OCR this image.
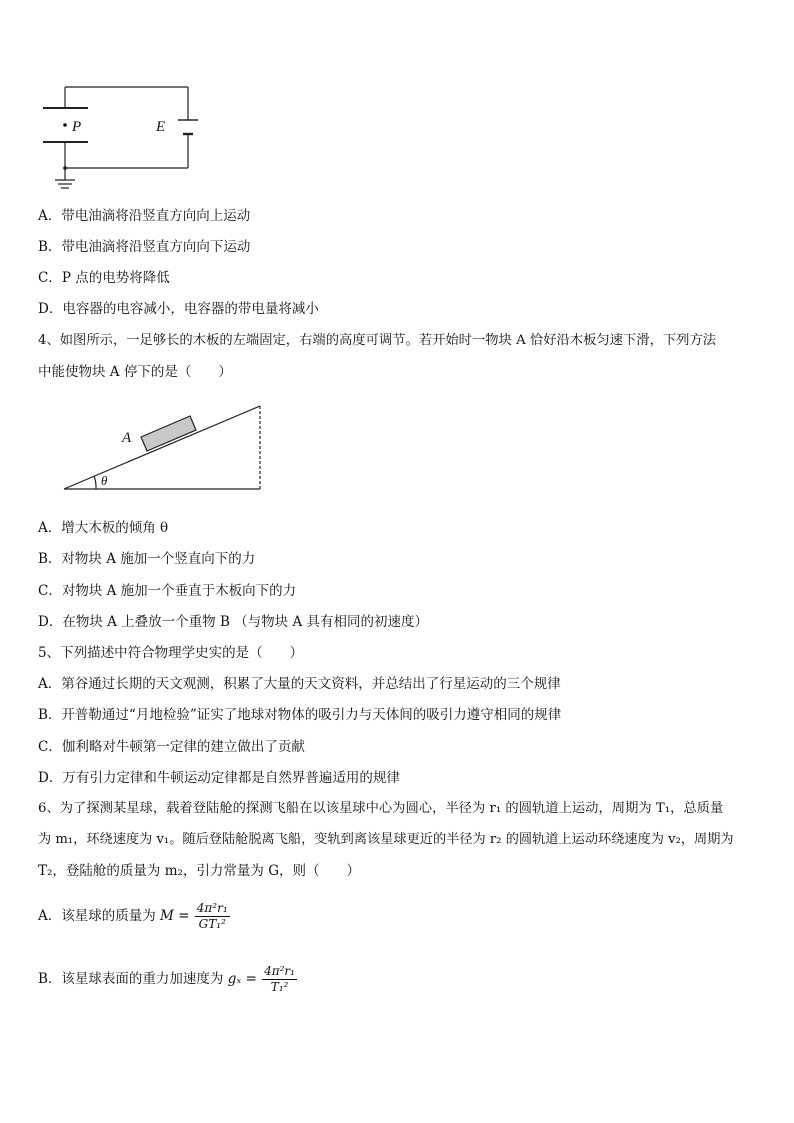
P	E
A．带电油滴将沿竖直方向向上运动
B．带电油滴将沿竖直方向向下运动
C．P 点的电势将降低
D．电容器的电容减小，电容器的带电量将减小
4、如图所示，一足够长的木板的左端固定，右端的高度可调节。若开始时一物块 A 恰好沿木板匀速下滑，下列方法
中能使物块 A 停下的是（　　）
A
θ
A．增大木板的倾角 θ
B．对物块 A 施加一个竖直向下的力
C．对物块 A 施加一个垂直于木板向下的力
D．在物块 A 上叠放一个重物 B （与物块 A 具有相同的初速度）
5、下列描述中符合物理学史实的是（　　）
A．第谷通过长期的天文观测，积累了大量的天文资料，并总结出了行星运动的三个规律
B．开普勒通过“月地检验”证实了地球对物体的吸引力与天体间的吸引力遵守相同的规律
C．伽利略对牛顿第一定律的建立做出了贡献
D．万有引力定律和牛顿运动定律都是自然界普遍适用的规律
6、为了探测某星球，载着登陆舱的探测飞船在以该星球中心为圆心，半径为 r₁ 的圆轨道上运动，周期为 T₁，总质量
为 m₁，环绕速度为 v₁。随后登陆舱脱离飞船，变轨到离该星球更近的半径为 r₂ 的圆轨道上运动环绕速度为 v₂，周期为
T₂，登陆舱的质量为 m₂，引力常量为 G，则（　　）
A．该星球的质量为 $M = \frac{\text{4π²r₁}}{\text{GT₁²}}$
B．该星球表面的重力加速度为 $g_x = \frac{\text{4π²r₁}}{\text{T₁²}}$
